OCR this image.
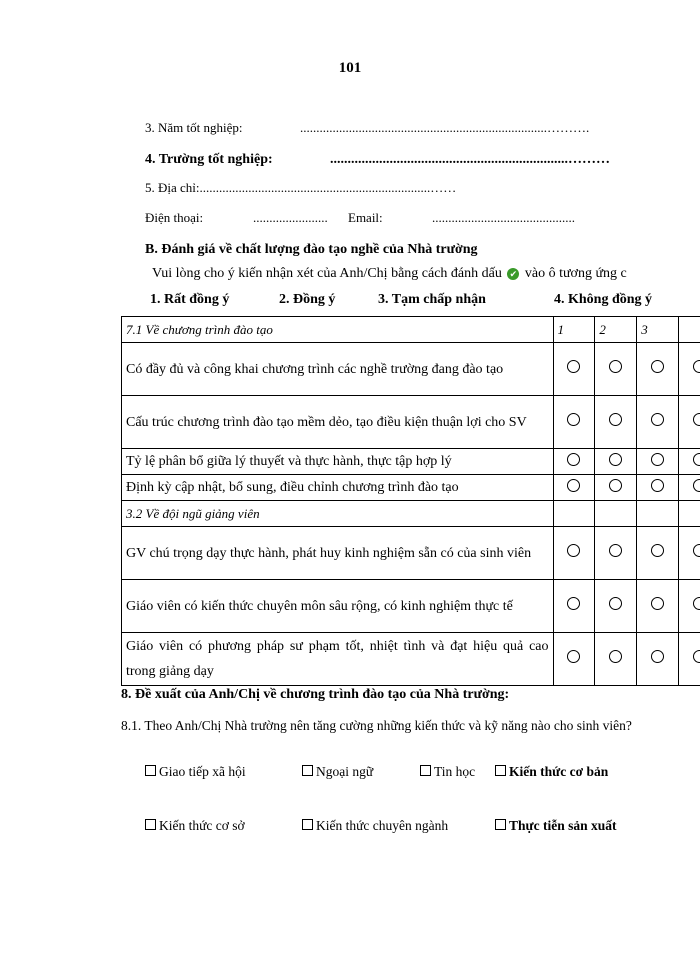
101
3. Năm tốt nghiệp:	............................................................................……….
4. Trường tốt nghiệp:	....................................................................………
5. Địa chỉ:.......................................................................……
Điện thoại:	....................... Email:	............................................
B. Đánh giá về chất lượng đào tạo nghề của Nhà trường
Vui lòng cho ý kiến nhận xét của Anh/Chị bằng cách đánh dấu ✔ vào ô tương ứng c
1. Rất đồng ý	2. Đồng ý	3. Tạm chấp nhận	4. Không đồng ý
7.1 Về chương trình đào tạo	1	2	3	
Có đầy đủ và công khai chương trình các nghề trường đang đào tạo				
Cấu trúc chương trình đào tạo mềm dẻo, tạo điều kiện thuận lợi cho SV				
Tỷ lệ phân bổ giữa lý thuyết và thực hành, thực tập hợp lý				
Định kỳ cập nhật, bổ sung, điều chỉnh chương trình đào tạo				
3.2 Về đội ngũ giảng viên				
GV chú trọng dạy thực hành, phát huy kinh nghiệm sẵn có của sinh viên				
Giáo viên có kiến thức chuyên môn sâu rộng, có kinh nghiệm thực tế				
Giáo viên có phương pháp sư phạm tốt, nhiệt tình và đạt hiệu quả cao trong giảng dạy				
8. Đề xuất của Anh/Chị về chương trình đào tạo của Nhà trường:
8.1. Theo Anh/Chị Nhà trường nên tăng cường những kiến thức và kỹ năng nào cho sinh viên?
Giao tiếp xã hội	Ngoại ngữ	Tin học	Kiến thức cơ bản
Kiến thức cơ sở	Kiến thức chuyên ngành	Thực tiễn sản xuất
